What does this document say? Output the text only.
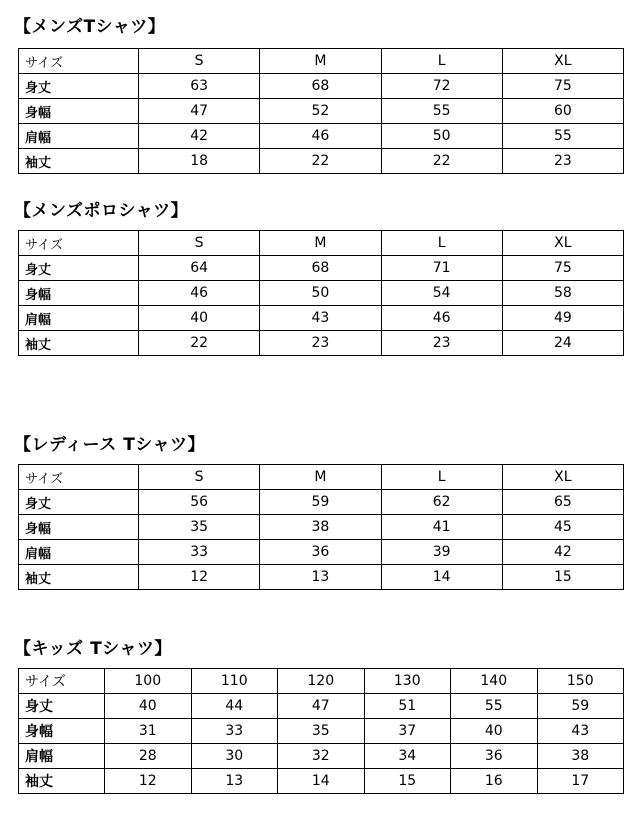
【メンズTシャツ】
サイズ	S	M	L	XL
身丈	63	68	72	75
身幅	47	52	55	60
肩幅	42	46	50	55
袖丈	18	22	22	23
【メンズポロシャツ】
サイズ	S	M	L	XL
身丈	64	68	71	75
身幅	46	50	54	58
肩幅	40	43	46	49
袖丈	22	23	23	24
【レディース Tシャツ】
サイズ	S	M	L	XL
身丈	56	59	62	65
身幅	35	38	41	45
肩幅	33	36	39	42
袖丈	12	13	14	15
【キッズ Tシャツ】
サイズ	100	110	120	130	140	150
身丈	40	44	47	51	55	59
身幅	31	33	35	37	40	43
肩幅	28	30	32	34	36	38
袖丈	12	13	14	15	16	17
